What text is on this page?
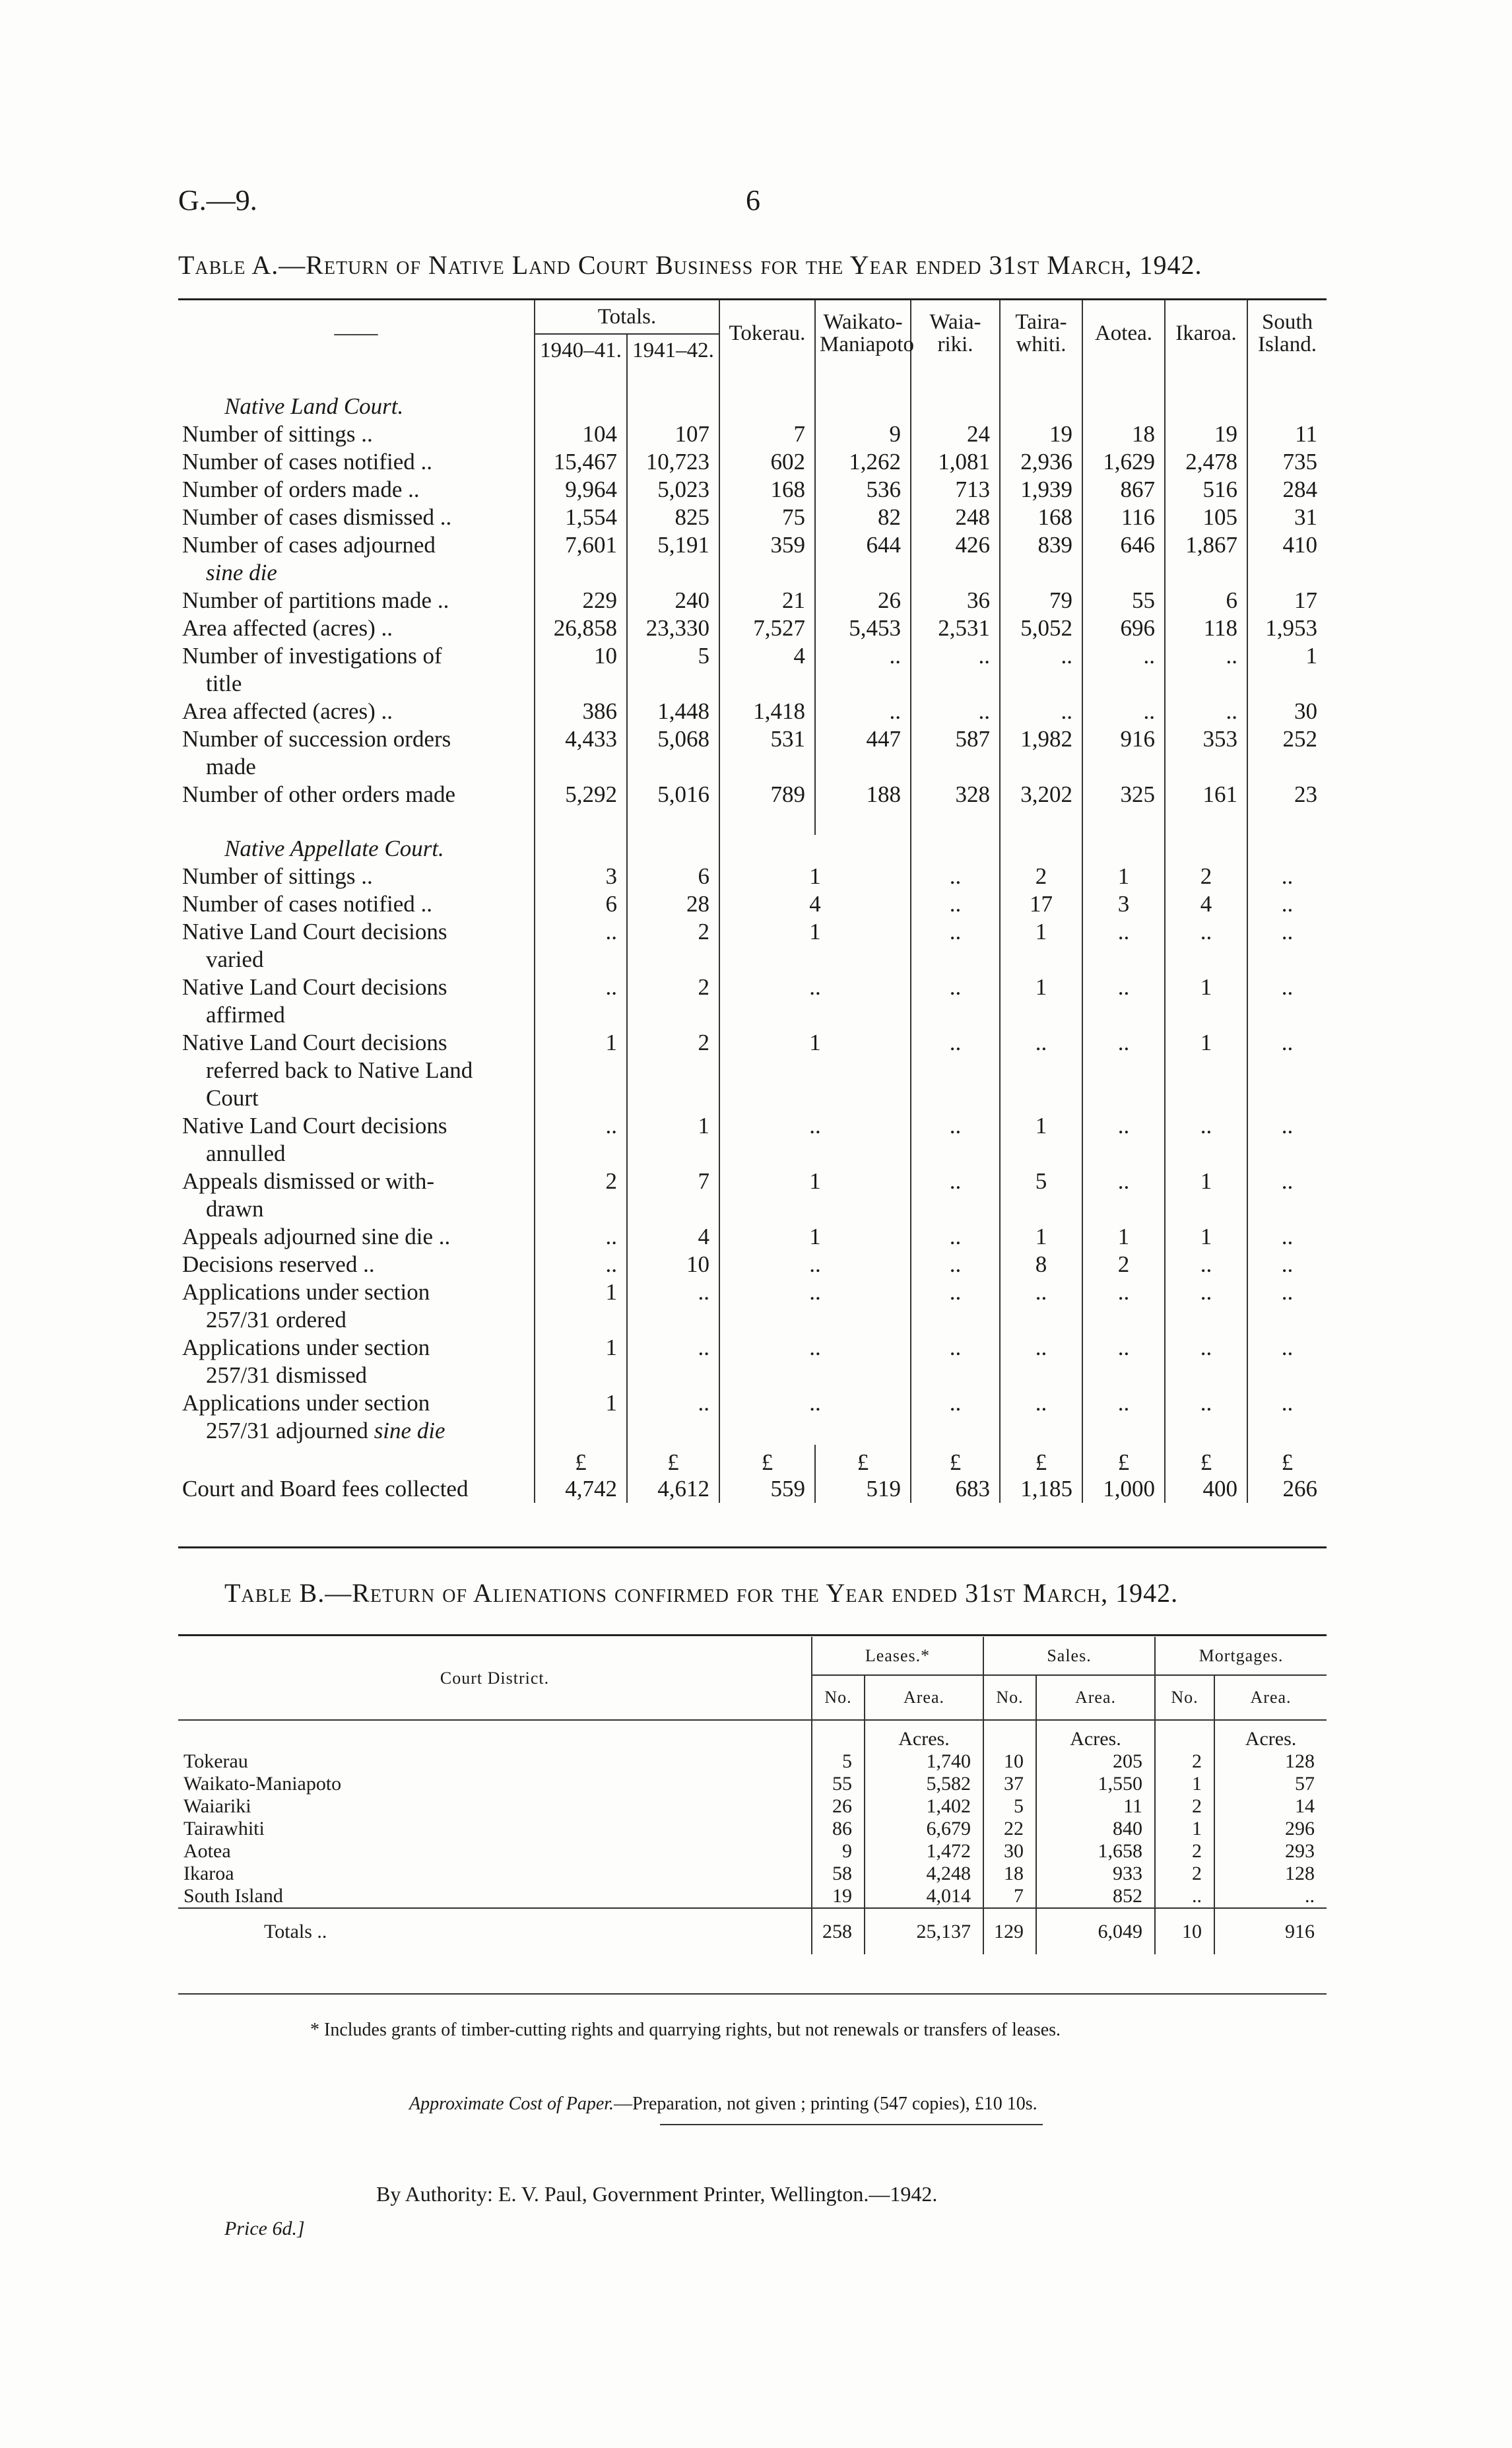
G.—9.	6
Table A.—Return of Native Land Court Business for the Year ended 31st March, 1942.
——	Totals.		Tokerau.	Waikato-Maniapoto	Waia-riki.	Taira-whiti.	Aotea.	Ikaroa.	South Island.
	1940–41.	1941–42.							

Native Land Court.									
Number of sittings ..	104	107	7	9	24	19	18	19	11
Number of cases notified ..	15,467	10,723	602	1,262	1,081	2,936	1,629	2,478	735
Number of orders made ..	9,964	5,023	168	536	713	1,939	867	516	284
Number of cases dismissed ..	1,554	825	75	82	248	168	116	105	31
Number of cases adjourned
sine die	7,601	5,191	359	644	426	839	646	1,867	410
Number of partitions made ..	229	240	21	26	36	79	55	6	17
Area affected (acres) ..	26,858	23,330	7,527	5,453	2,531	5,052	696	118	1,953
Number of investigations of
title	10	5	4	..	..	..	..	..	1
Area affected (acres) ..	386	1,448	1,418	..	..	..	..	..	30
Number of succession orders
made	4,433	5,068	531	447	587	1,982	916	353	252
Number of other orders made	5,292	5,016	789	188	328	3,202	325	161	23

Native Appellate Court.									
Number of sittings ..	3	6	1		..	2	1	2	..
Number of cases notified ..	6	28	4		..	17	3	4	..
Native Land Court decisions
varied	..	2	1		..	1	..	..	..
Native Land Court decisions
affirmed	..	2	..		..	1	..	1	..
Native Land Court decisions
referred back to Native Land
Court	1	2	1		..	..	..	1	..
Native Land Court decisions
annulled	..	1	..		..	1	..	..	..
Appeals dismissed or with-
drawn	2	7	1		..	5	..	1	..
Appeals adjourned sine die ..	..	4	1		..	1	1	1	..
Decisions reserved ..	..	10	..		..	8	2	..	..
Applications under section
257/31 ordered	1	..	..		..	..	..	..	..
Applications under section
257/31 dismissed	1	..	..		..	..	..	..	..
Applications under section
257/31 adjourned sine die	1	..	..		..	..	..	..	..
	£	£	£	£	£	£	£	£	£
Court and Board fees collected	4,742	4,612	559	519	683	1,185	1,000	400	266
Table B.—Return of Alienations confirmed for the Year ended 31st March, 1942.
Court District.	Leases.*		Sales.		Mortgages.	
	No.	Area.	No.	Area.	No.	Area.
		Acres.		Acres.		Acres.
Tokerau	5	1,740	10	205	2	128
Waikato-Maniapoto	55	5,582	37	1,550	1	57
Waiariki	26	1,402	5	11	2	14
Tairawhiti	86	6,679	22	840	1	296
Aotea	9	1,472	30	1,658	2	293
Ikaroa	58	4,248	18	933	2	128
South Island	19	4,014	7	852	..	..
Totals ..	258	25,137	129	6,049	10	916
* Includes grants of timber-cutting rights and quarrying rights, but not renewals or transfers of leases.
Approximate Cost of Paper.—Preparation, not given ; printing (547 copies), £10 10s.
By Authority: E. V. Paul, Government Printer, Wellington.—1942.
Price 6d.]
